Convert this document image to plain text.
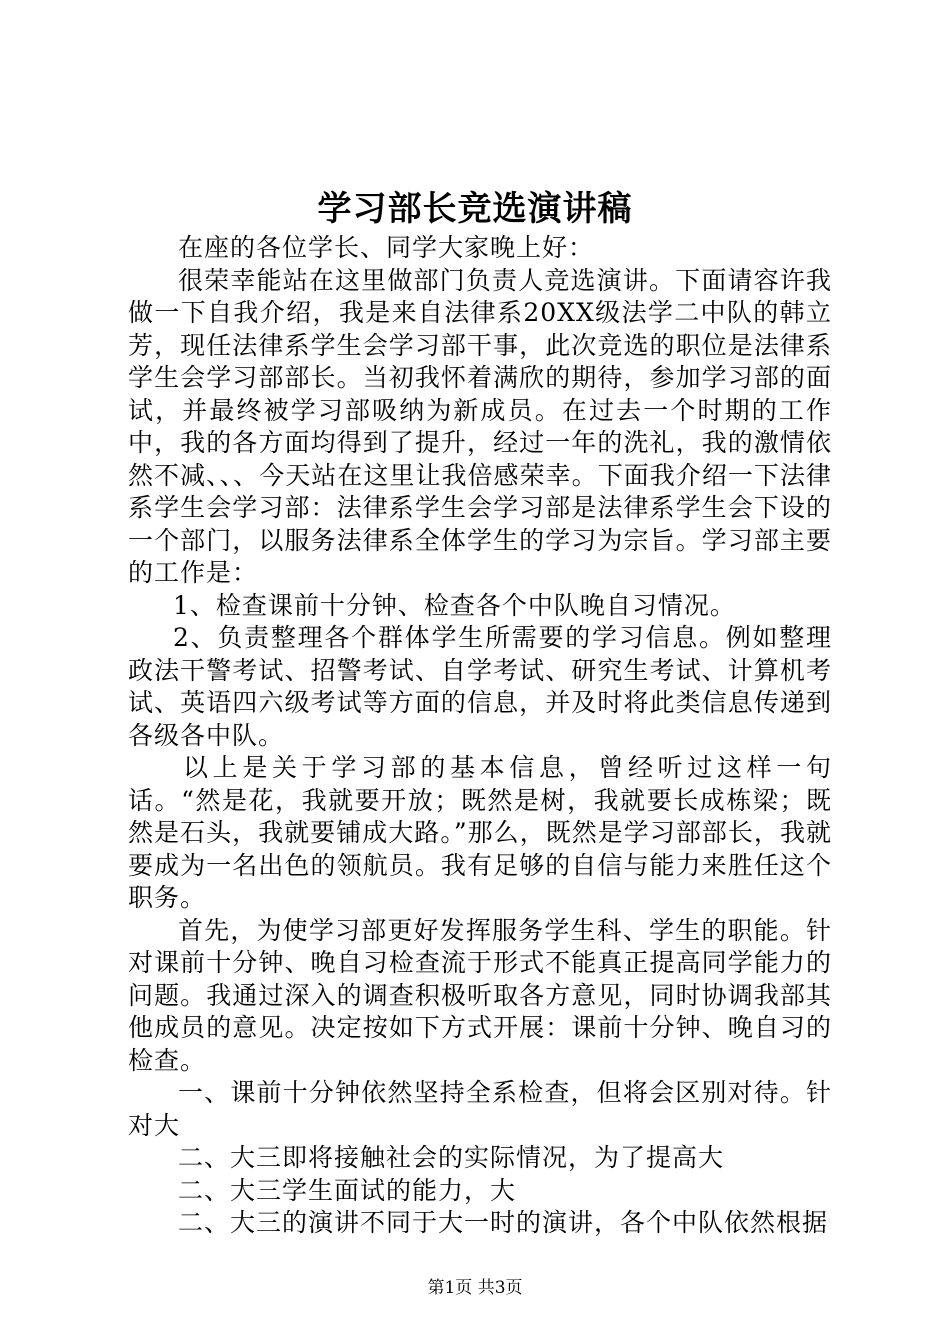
学习部长竞选演讲稿

在座的各位学长、同学大家晚上好：

很荣幸能站在这里做部门负责人竞选演讲。下面请容许我做一下自我介绍，我是来自法律系20XX级法学二中队的韩立芳，现任法律系学生会学习部干事，此次竞选的职位是法律系学生会学习部部长。当初我怀着满欣的期待，参加学习部的面试，并最终被学习部吸纳为新成员。在过去一个时期的工作中，我的各方面均得到了提升，经过一年的洗礼，我的激情依然不减、、、今天站在这里让我倍感荣幸。下面我介绍一下法律系学生会学习部：法律系学生会学习部是法律系学生会下设的一个部门，以服务法律系全体学生的学习为宗旨。学习部主要的工作是：

1、检查课前十分钟、检查各个中队晚自习情况。

2、负责整理各个群体学生所需要的学习信息。例如整理政法干警考试、招警考试、自学考试、研究生考试、计算机考试、英语四六级考试等方面的信息，并及时将此类信息传递到各级各中队。

以上是关于学习部的基本信息，曾经听过这样一句话。“然是花，我就要开放；既然是树，我就要长成栋梁；既然是石头，我就要铺成大路。”那么，既然是学习部部长，我就要成为一名出色的领航员。我有足够的自信与能力来胜任这个职务。

首先，为使学习部更好发挥服务学生科、学生的职能。针对课前十分钟、晚自习检查流于形式不能真正提高同学能力的问题。我通过深入的调查积极听取各方意见，同时协调我部其他成员的意见。决定按如下方式开展：课前十分钟、晚自习的检查。

一、课前十分钟依然坚持全系检查，但将会区别对待。针对大

二、大三即将接触社会的实际情况，为了提高大

二、大三学生面试的能力，大

二、大三的演讲不同于大一时的演讲，各个中队依然根据

第1页 共3页
